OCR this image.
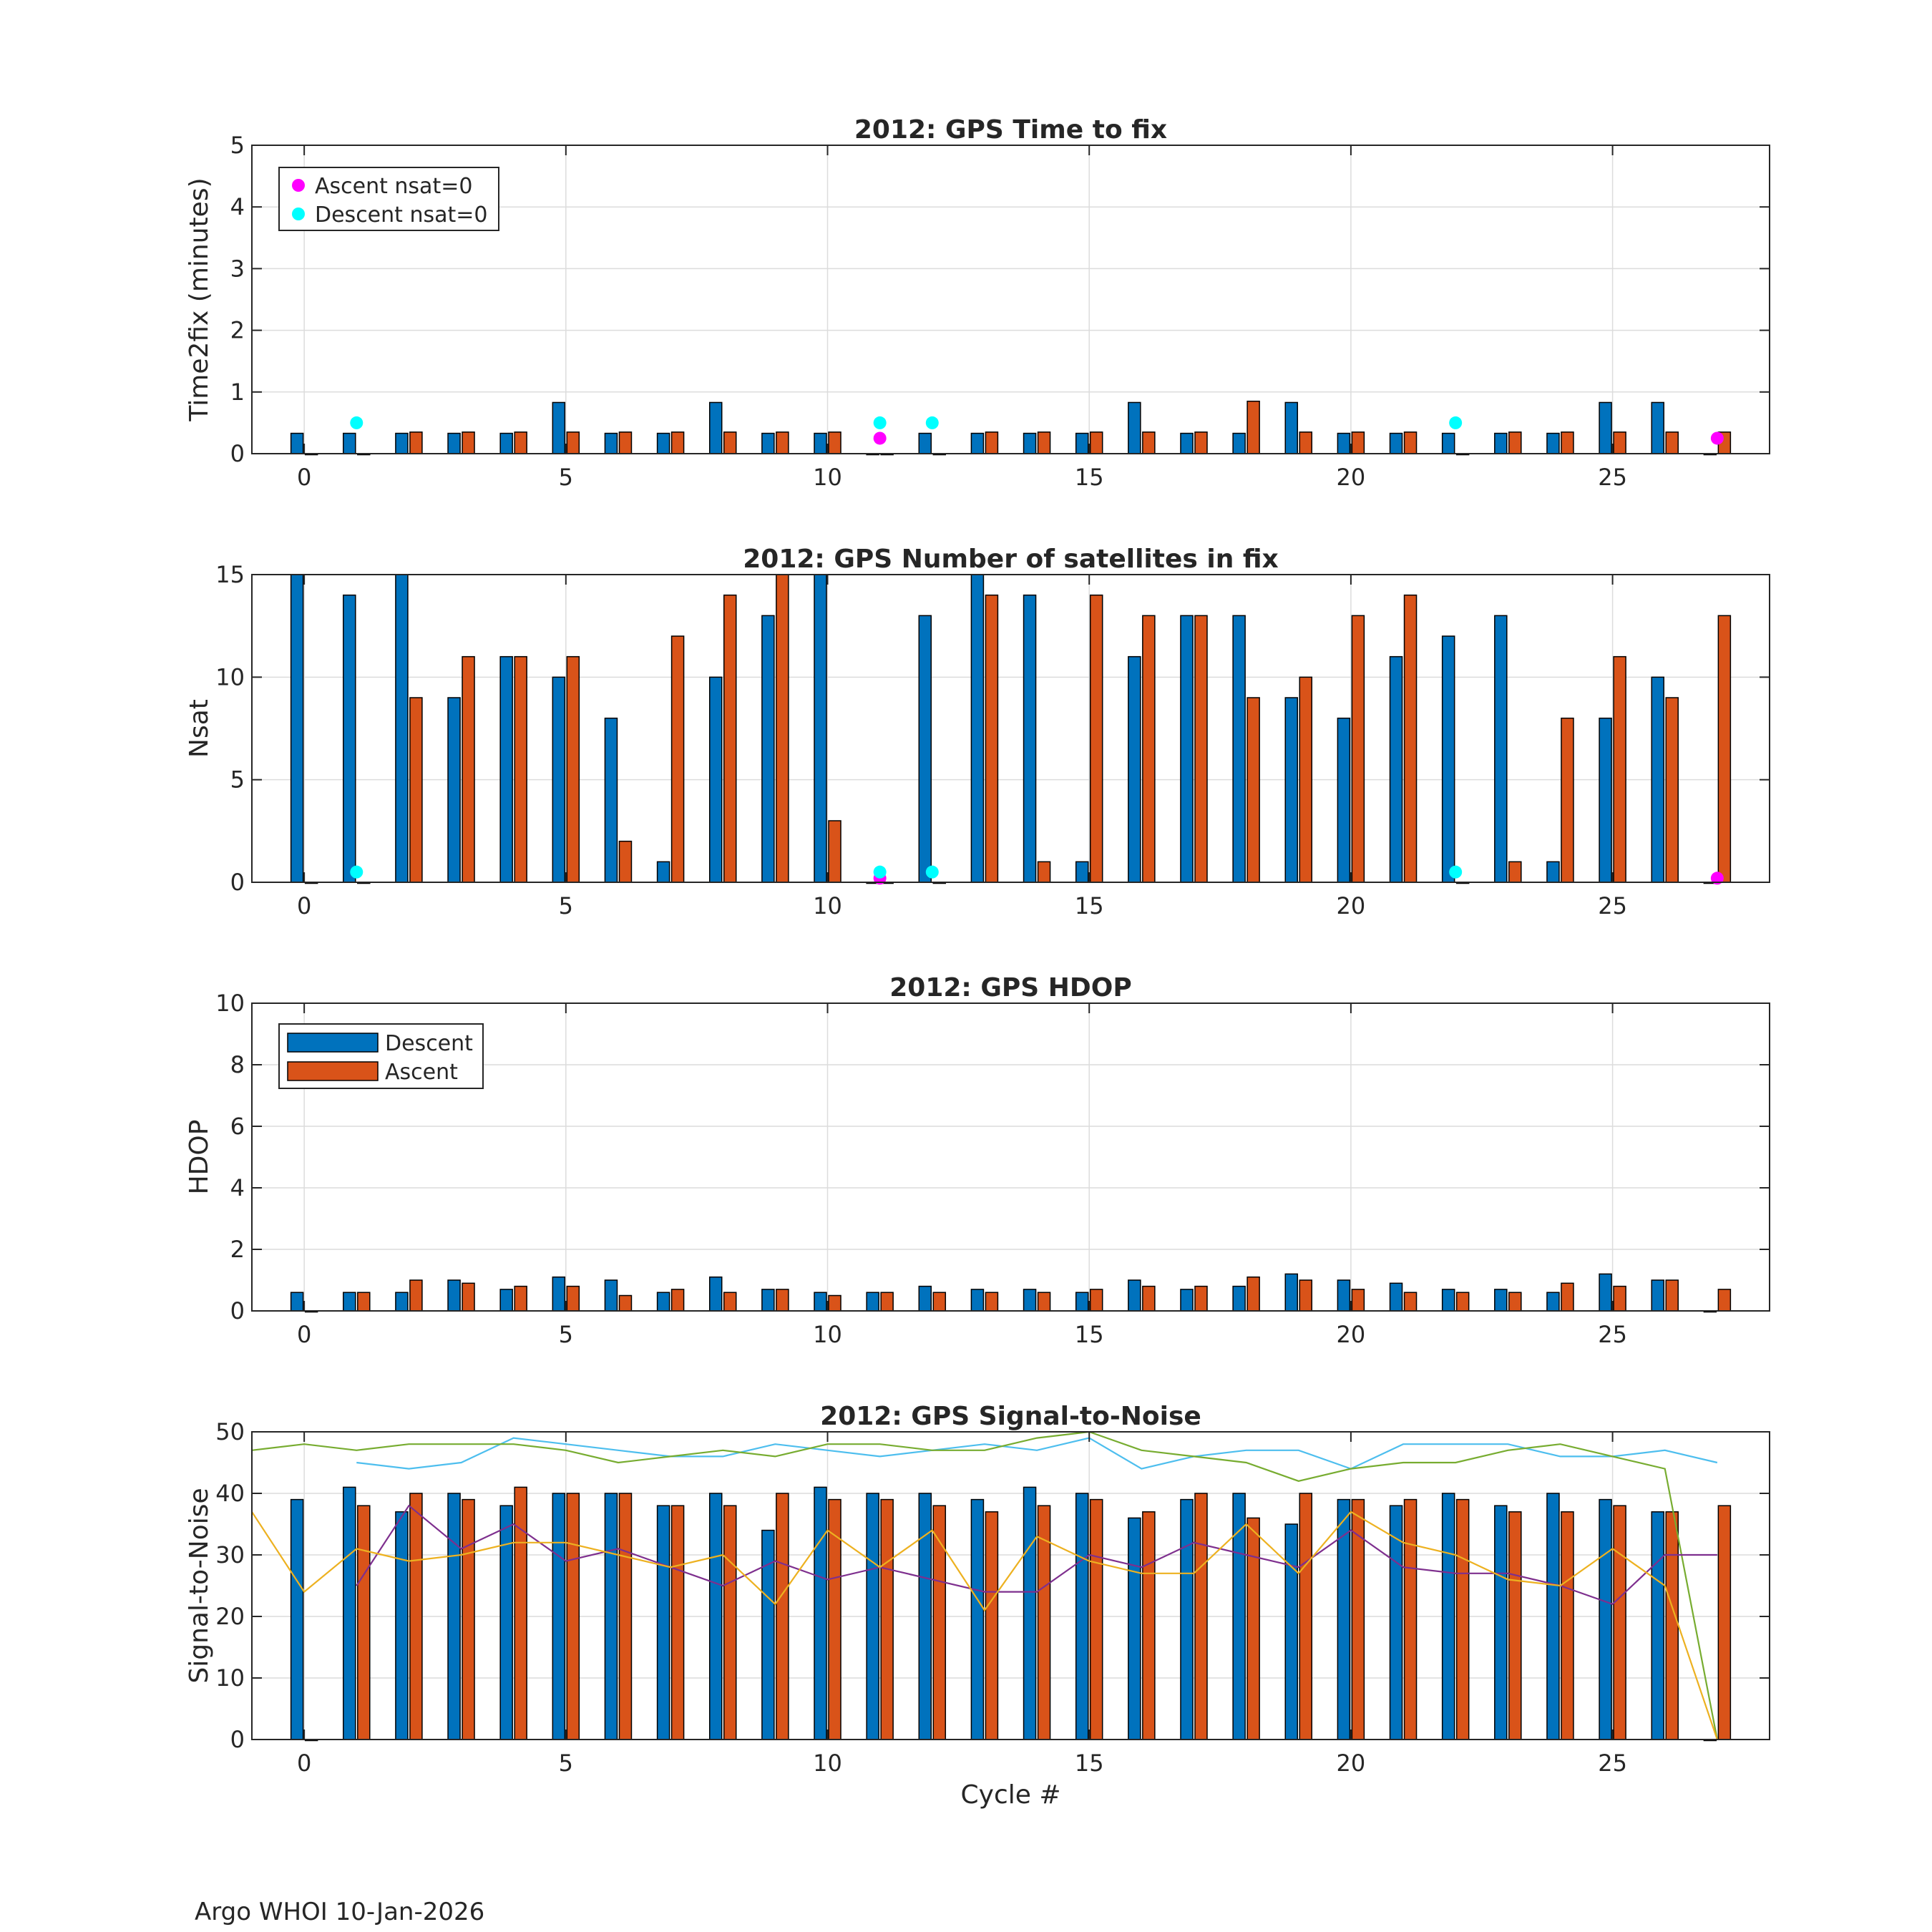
0	5	10	15	20	25
0
1
2
3
4
5
2012: GPS Time to fix
Time2fix (minutes)	Ascent nsat=0
Descent nsat=0
0	5	10	15	20	25
0
5
10
15
2012: GPS Number of satellites in fix
Nsat
0	5	10	15	20	25
0
2
4
6
8
10
2012: GPS HDOP
HDOP
Descent
Ascent
0	5	10	15	20	25
0
10
20
30
40
50
2012: GPS Signal-to-Noise
Signal-to-Noise
Cycle #
Argo WHOI 10-Jan-2026
